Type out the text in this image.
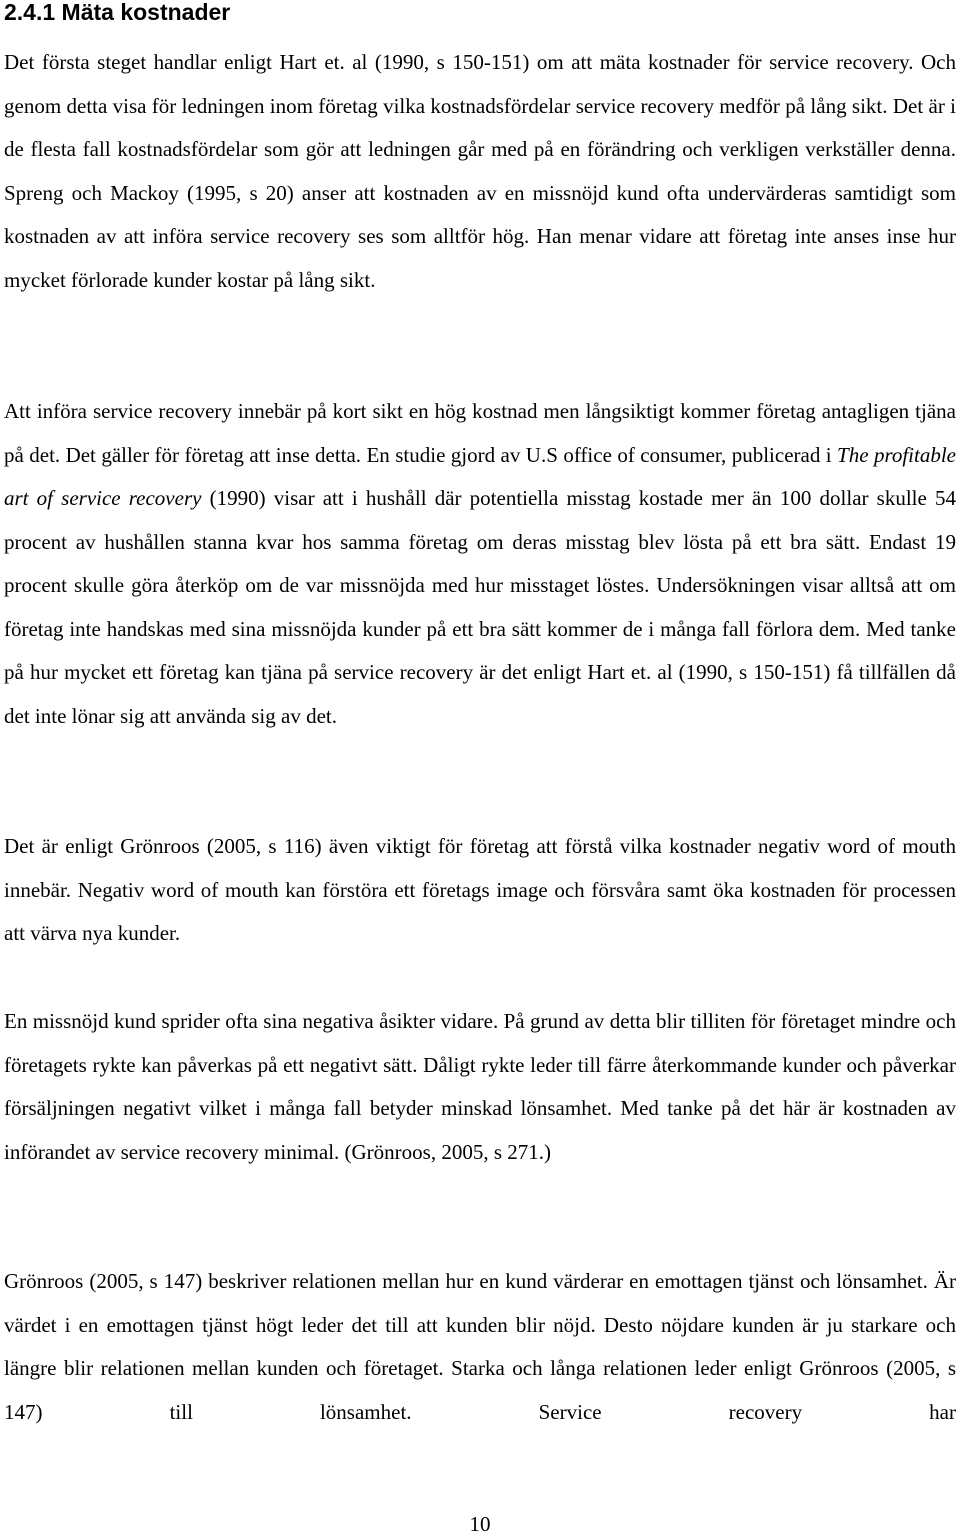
2.4.1 Mäta kostnader

Det första steget handlar enligt Hart et. al (1990, s 150-151) om att mäta kostnader för service recovery. Och genom detta visa för ledningen inom företag vilka kostnadsfördelar service recovery medför på lång sikt. Det är i de flesta fall kostnadsfördelar som gör att ledningen går med på en förändring och verkligen verkställer denna. Spreng och Mackoy (1995, s 20) anser att kostnaden av en missnöjd kund ofta undervärderas samtidigt som kostnaden av att införa service recovery ses som alltför hög. Han menar vidare att företag inte anses inse hur mycket förlorade kunder kostar på lång sikt.

Att införa service recovery innebär på kort sikt en hög kostnad men långsiktigt kommer företag antagligen tjäna på det. Det gäller för företag att inse detta. En studie gjord av U.S office of consumer, publicerad i The profitable art of service recovery (1990) visar att i hushåll där potentiella misstag kostade mer än 100 dollar skulle 54 procent av hushållen stanna kvar hos samma företag om deras misstag blev lösta på ett bra sätt. Endast 19 procent skulle göra återköp om de var missnöjda med hur misstaget löstes. Undersökningen visar alltså att om företag inte handskas med sina missnöjda kunder på ett bra sätt kommer de i många fall förlora dem. Med tanke på hur mycket ett företag kan tjäna på service recovery är det enligt Hart et. al (1990, s 150-151) få tillfällen då det inte lönar sig att använda sig av det.

Det är enligt Grönroos (2005, s 116) även viktigt för företag att förstå vilka kostnader negativ word of mouth innebär. Negativ word of mouth kan förstöra ett företags image och försvåra samt öka kostnaden för processen att värva nya kunder.

En missnöjd kund sprider ofta sina negativa åsikter vidare. På grund av detta blir tilliten för företaget mindre och företagets rykte kan påverkas på ett negativt sätt. Dåligt rykte leder till färre återkommande kunder och påverkar försäljningen negativt vilket i många fall betyder minskad lönsamhet. Med tanke på det här är kostnaden av införandet av service recovery minimal. (Grönroos, 2005, s 271.)

Grönroos (2005, s 147) beskriver relationen mellan hur en kund värderar en emottagen tjänst och lönsamhet. Är värdet i en emottagen tjänst högt leder det till att kunden blir nöjd. Desto nöjdare kunden är ju starkare och längre blir relationen mellan kunden och företaget. Starka och långa relationen leder enligt Grönroos (2005, s 147) till lönsamhet. Service recovery har

10
